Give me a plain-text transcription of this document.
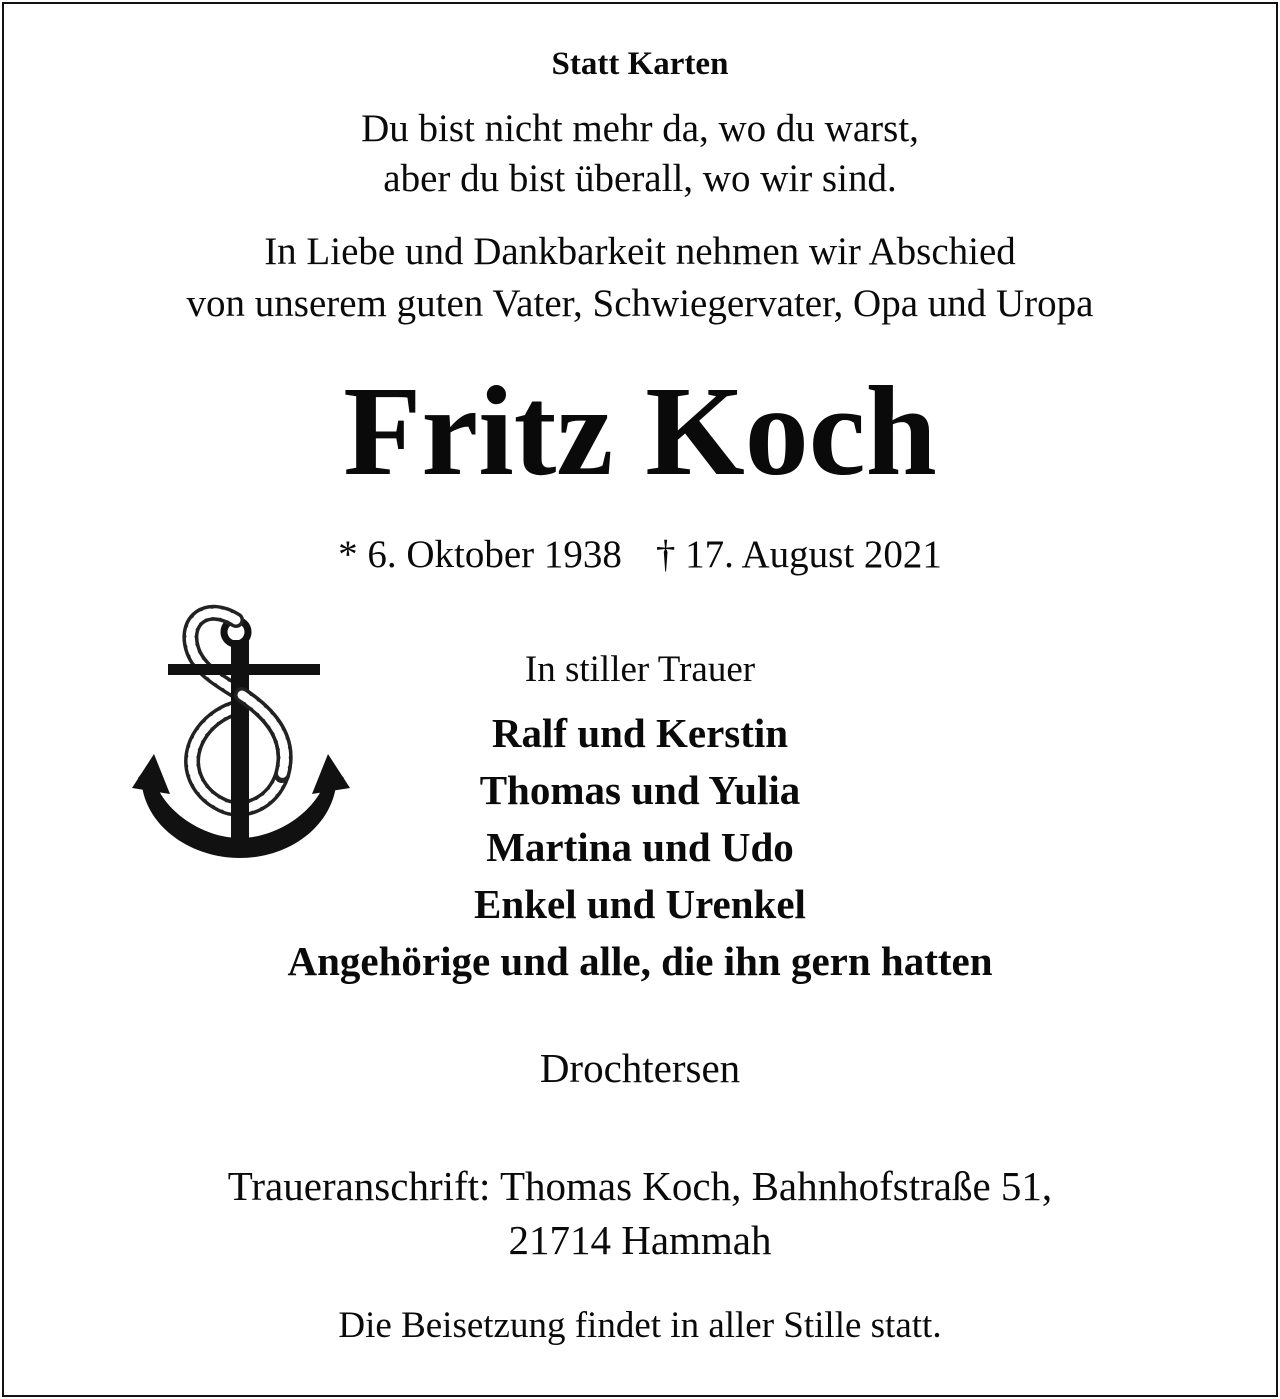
Statt Karten

Du bist nicht mehr da, wo du warst,

aber du bist überall, wo wir sind.

In Liebe und Dankbarkeit nehmen wir Abschied

von unserem guten Vater, Schwiegervater, Opa und Uropa

Fritz Koch

* 6. Oktober 1938 † 17. August 2021

In stiller Trauer

Ralf und Kerstin

Thomas und Yulia

Martina und Udo

Enkel und Urenkel

Angehörige und alle, die ihn gern hatten

Drochtersen

Traueranschrift: Thomas Koch, Bahnhofstraße 51,

21714 Hammah

Die Beisetzung findet in aller Stille statt.
